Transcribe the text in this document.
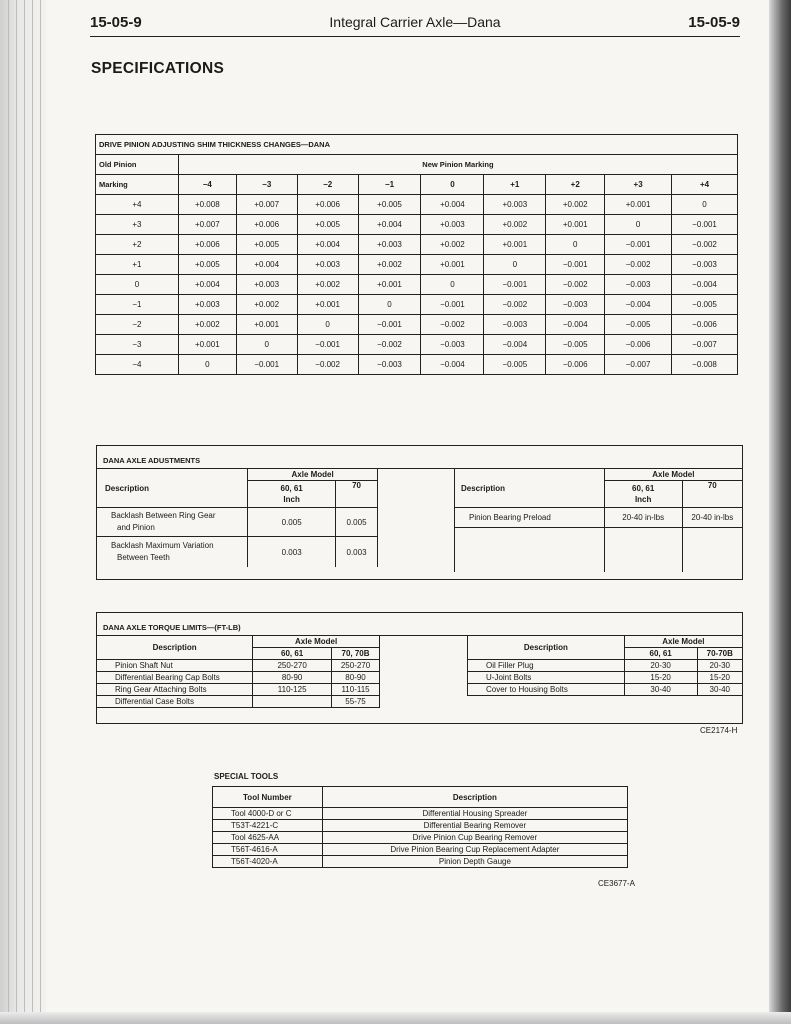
15-05-9	Integral Carrier Axle—Dana	15-05-9
SPECIFICATIONS
DRIVE PINION ADJUSTING SHIM THICKNESS CHANGES—DANA									
Old Pinion	New Pinion Marking								
Marking	−4	−3	−2	−1	0	+1	+2	+3	+4
+4	+0.008	+0.007	+0.006	+0.005	+0.004	+0.003	+0.002	+0.001	0
+3	+0.007	+0.006	+0.005	+0.004	+0.003	+0.002	+0.001	0	−0.001
+2	+0.006	+0.005	+0.004	+0.003	+0.002	+0.001	0	−0.001	−0.002
+1	+0.005	+0.004	+0.003	+0.002	+0.001	0	−0.001	−0.002	−0.003
0	+0.004	+0.003	+0.002	+0.001	0	−0.001	−0.002	−0.003	−0.004
−1	+0.003	+0.002	+0.001	0	−0.001	−0.002	−0.003	−0.004	−0.005
−2	+0.002	+0.001	0	−0.001	−0.002	−0.003	−0.004	−0.005	−0.006
−3	+0.001	0	−0.001	−0.002	−0.003	−0.004	−0.005	−0.006	−0.007
−4	0	−0.001	−0.002	−0.003	−0.004	−0.005	−0.006	−0.007	−0.008
DANA AXLE ADUSTMENTS
Description	Axle Model	
	60, 61
Inch	70
Backlash Between Ring Gear
and Pinion	0.005	0.005
Backlash Maximum Variation
Between Teeth	0.003	0.003
Description	Axle Model	
	60, 61
Inch	70
Pinion Bearing Preload	20-40 in-lbs	20-40 in-lbs

DANA AXLE TORQUE LIMITS—(FT-LB)
Description	Axle Model	
	60, 61	70, 70B
Pinion Shaft Nut	250-270	250-270
Differential Bearing Cap Bolts	80-90	80-90
Ring Gear Attaching Bolts	110-125	110-115
Differential Case Bolts		55-75
Description	Axle Model	
	60, 61	70-70B
Oil Filler Plug	20-30	20-30
U-Joint Bolts	15-20	15-20
Cover to Housing Bolts	30-40	30-40
CE2174-H
SPECIAL TOOLS
Tool Number	Description
Tool 4000-D or C	Differential Housing Spreader
T53T-4221-C	Differential Bearing Remover
Tool 4625-AA	Drive Pinion Cup Bearing Remover
T56T-4616-A	Drive Pinion Bearing Cup Replacement Adapter
T56T-4020-A	Pinion Depth Gauge
CE3677-A
